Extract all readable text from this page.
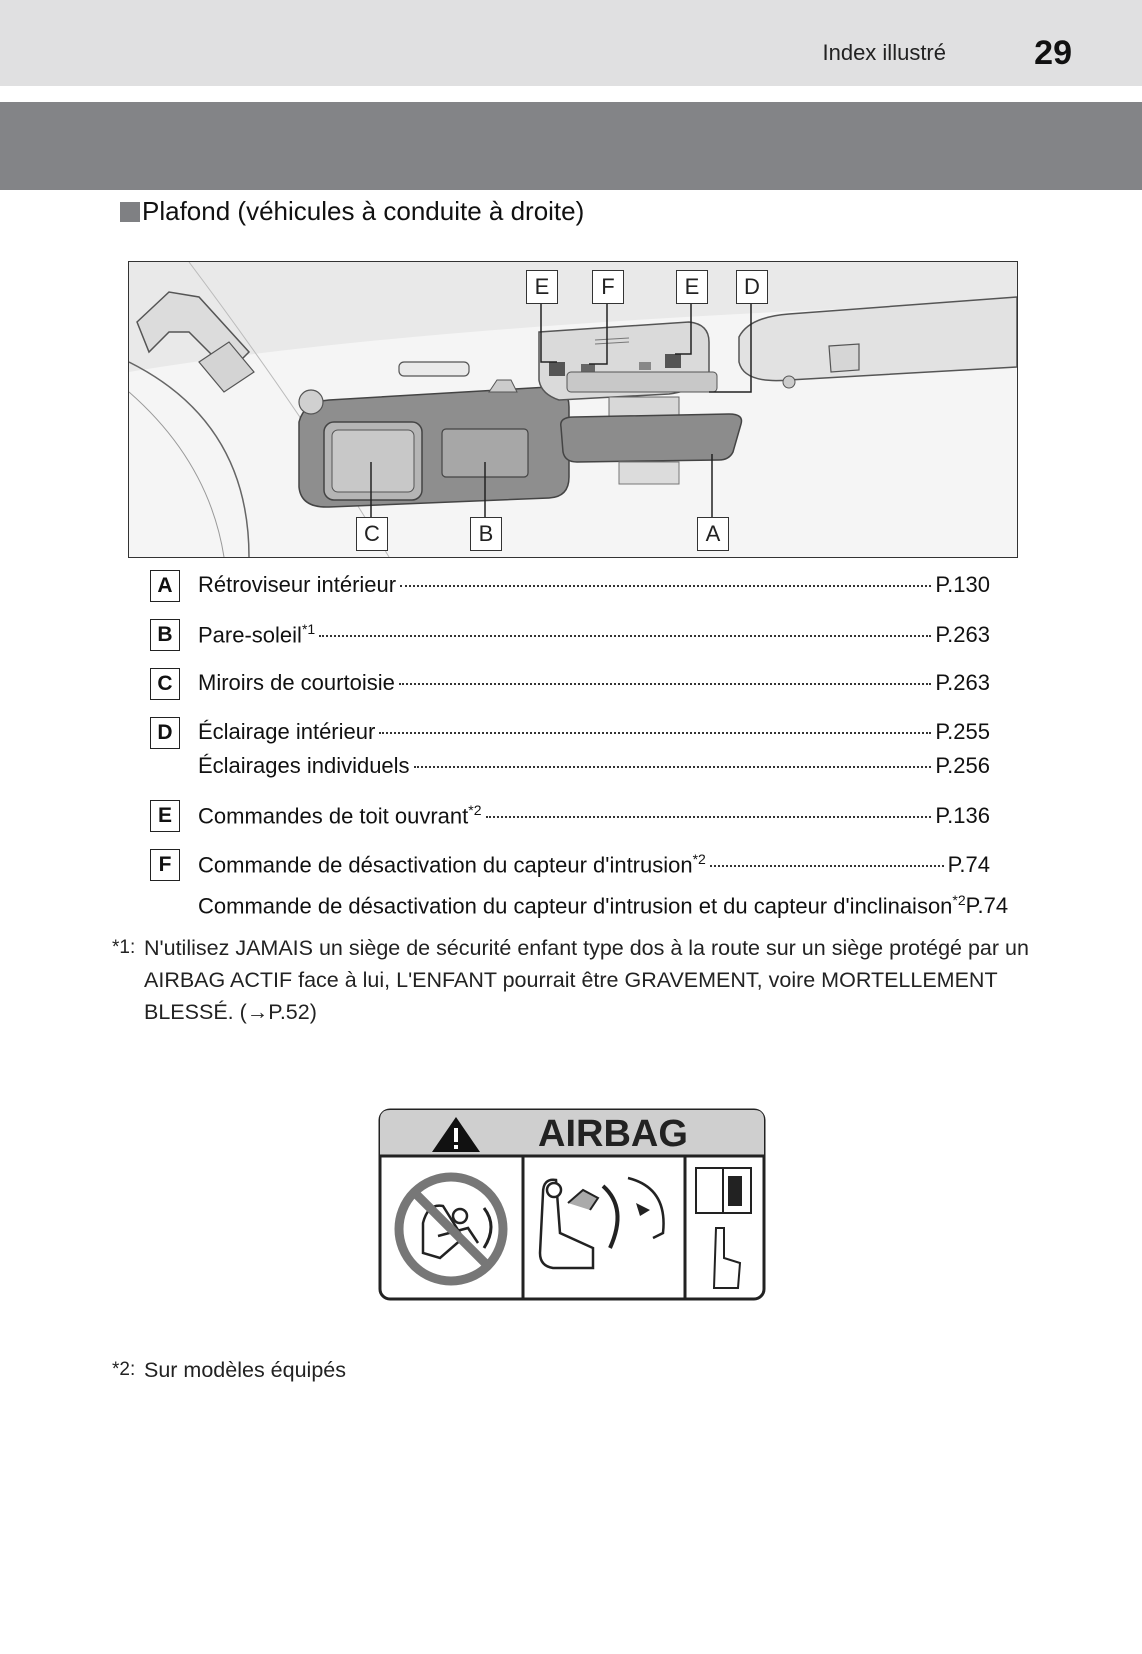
Index illustré	29
Plafond (véhicules à conduite à droite)
E	F	E	D
C	B	A
A	Rétroviseur intérieur	P.130
B	Pare-soleil$^{*1}$	P.263
C	Miroirs de courtoisie	P.263
D	Éclairage intérieur	P.255
Éclairages individuels	P.256
E	Commandes de toit ouvrant$^{*2}$	P.136
F	Commande de désactivation du capteur d'intrusion$^{*2}$	P.74
Commande de désactivation du capteur d'intrusion et du capteur d'inclinaison$^{*2}$ P.74
*1: N'utilisez JAMAIS un siège de sécurité enfant type dos à la route sur un siège protégé par un AIRBAG ACTIF face à lui, L'ENFANT pourrait être GRAVEMENT, voire MORTELLEMENT BLESSÉ. (→P.52)
AIRBAG
*2: Sur modèles équipés
